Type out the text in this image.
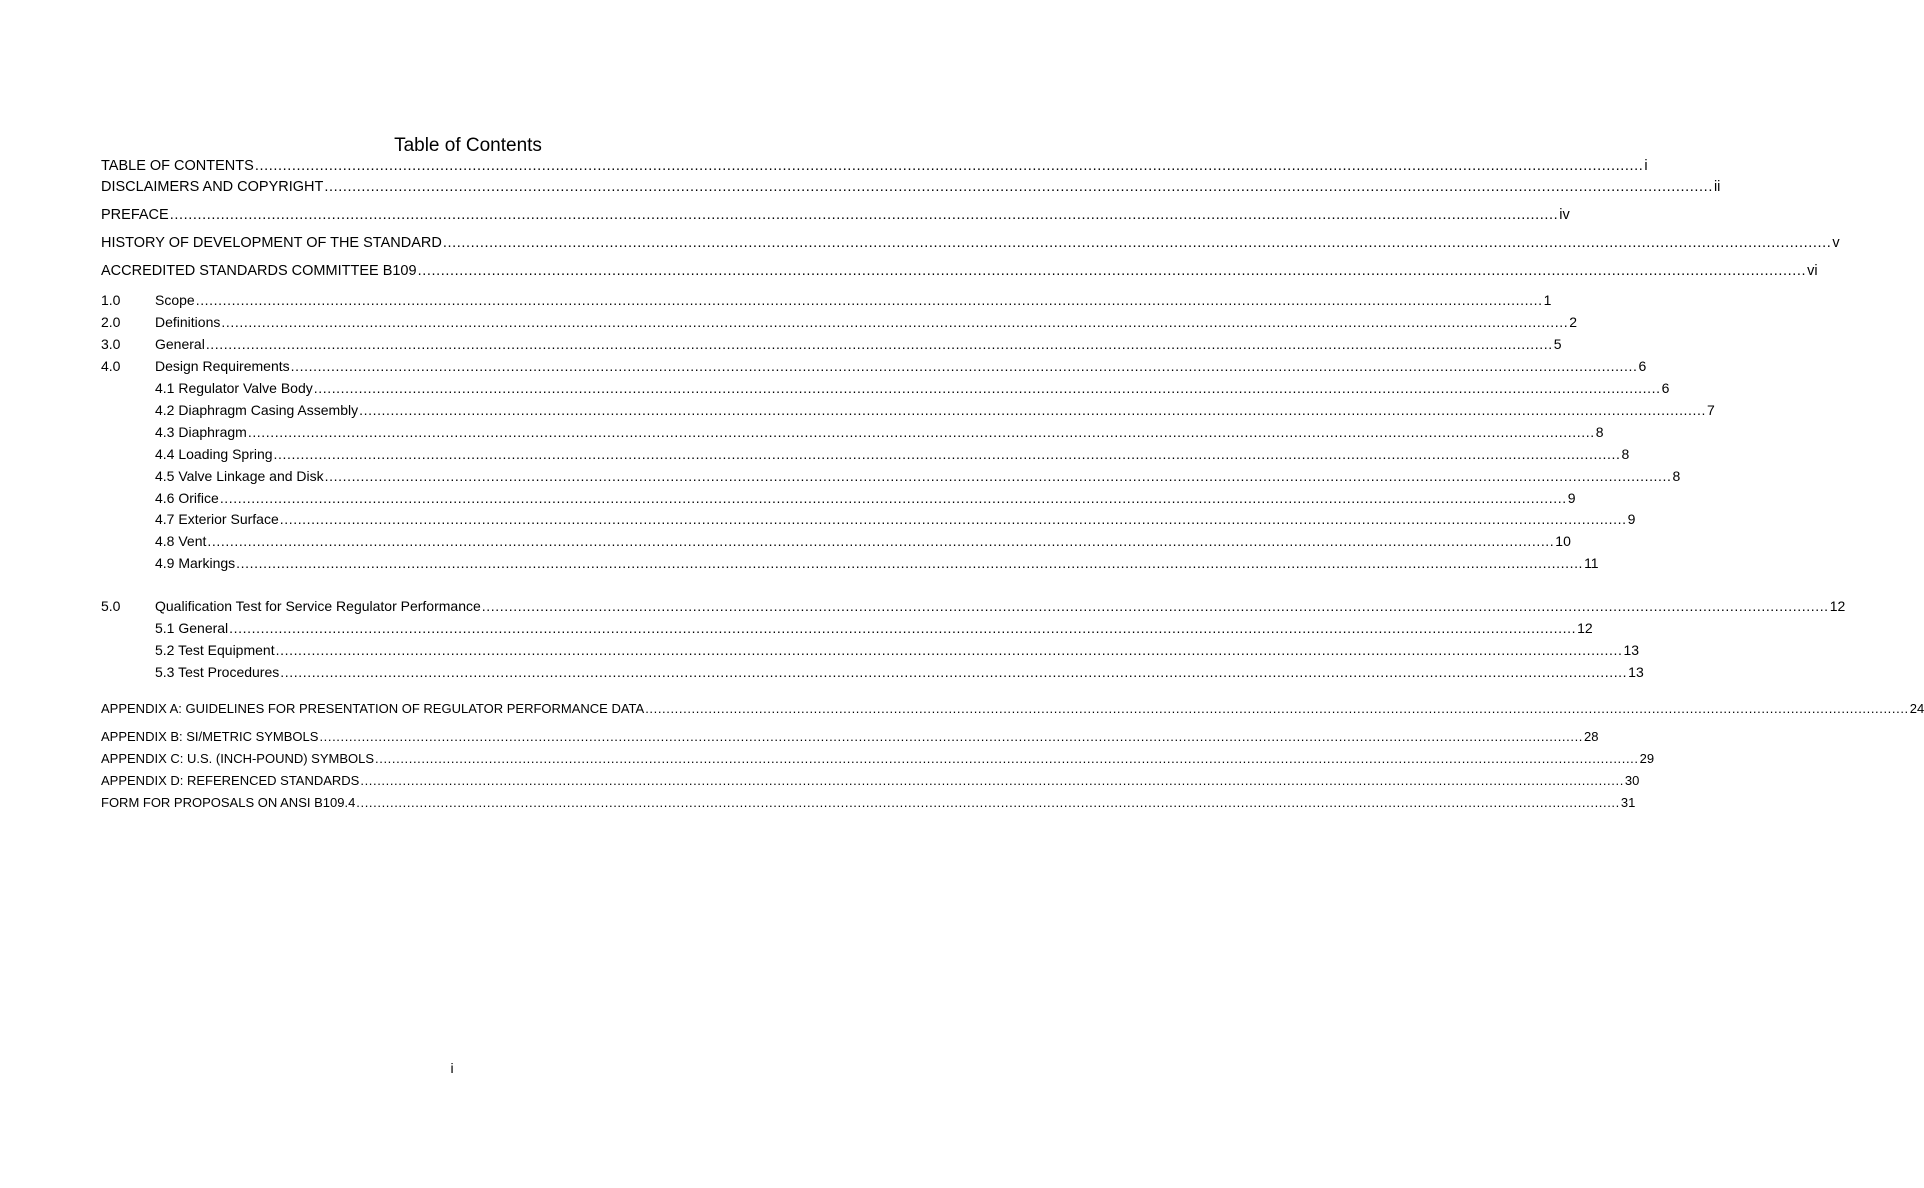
Table of Contents
TABLE OF CONTENTS ............................................................................................................................................................................................................................................................................................................ i
DISCLAIMERS AND COPYRIGHT ............................................................................................................................................................................................................................................................................................................ ii
PREFACE ............................................................................................................................................................................................................................................................................................................ iv
HISTORY OF DEVELOPMENT OF THE STANDARD ............................................................................................................................................................................................................................................................................................................ v
ACCREDITED STANDARDS COMMITTEE B109 ............................................................................................................................................................................................................................................................................................................ vi
1.0	Scope ............................................................................................................................................................................................................................................................................................................ 1
2.0	Definitions ............................................................................................................................................................................................................................................................................................................ 2
3.0	General ............................................................................................................................................................................................................................................................................................................ 5
4.0	Design Requirements ............................................................................................................................................................................................................................................................................................................ 6
4.1 Regulator Valve Body ............................................................................................................................................................................................................................................................................................................ 6
4.2 Diaphragm Casing Assembly ............................................................................................................................................................................................................................................................................................................ 7
4.3 Diaphragm ............................................................................................................................................................................................................................................................................................................ 8
4.4 Loading Spring ............................................................................................................................................................................................................................................................................................................ 8
4.5 Valve Linkage and Disk ............................................................................................................................................................................................................................................................................................................ 8
4.6 Orifice ............................................................................................................................................................................................................................................................................................................ 9
4.7 Exterior Surface ............................................................................................................................................................................................................................................................................................................ 9
4.8 Vent ............................................................................................................................................................................................................................................................................................................ 10
4.9 Markings ............................................................................................................................................................................................................................................................................................................ 11
5.0	Qualification Test for Service Regulator Performance ............................................................................................................................................................................................................................................................................................................ 12
5.1 General ............................................................................................................................................................................................................................................................................................................ 12
5.2 Test Equipment ............................................................................................................................................................................................................................................................................................................ 13
5.3 Test Procedures ............................................................................................................................................................................................................................................................................................................ 13
APPENDIX A: GUIDELINES FOR PRESENTATION OF REGULATOR PERFORMANCE DATA ............................................................................................................................................................................................................................................................................................................ 24
APPENDIX B: SI/METRIC SYMBOLS ............................................................................................................................................................................................................................................................................................................ 28
APPENDIX C: U.S. (INCH-POUND) SYMBOLS ............................................................................................................................................................................................................................................................................................................ 29
APPENDIX D: REFERENCED STANDARDS ............................................................................................................................................................................................................................................................................................................ 30
FORM FOR PROPOSALS ON ANSI B109.4 ............................................................................................................................................................................................................................................................................................................ 31
i
